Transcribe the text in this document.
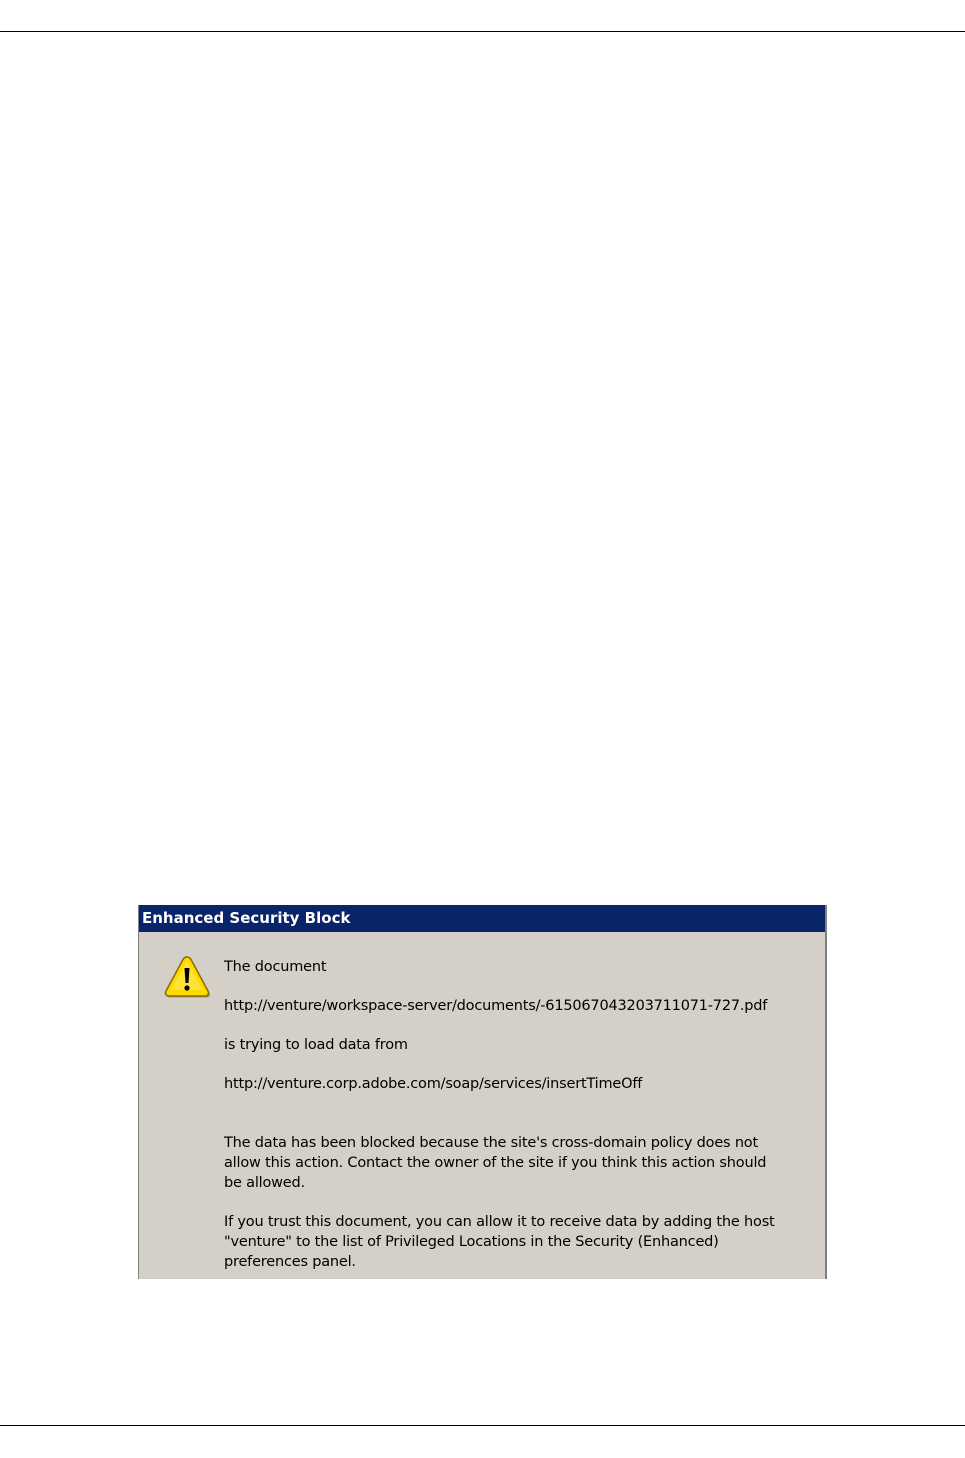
Enhanced Security Block
The document
http://venture/workspace-server/documents/-615067043203711071-727.pdf
is trying to load data from
http://venture.corp.adobe.com/soap/services/insertTimeOff
The data has been blocked because the site's cross-domain policy does not
allow this action. Contact the owner of the site if you think this action should
be allowed.
If you trust this document, you can allow it to receive data by adding the host
"venture" to the list of Privileged Locations in the Security (Enhanced)
preferences panel.
